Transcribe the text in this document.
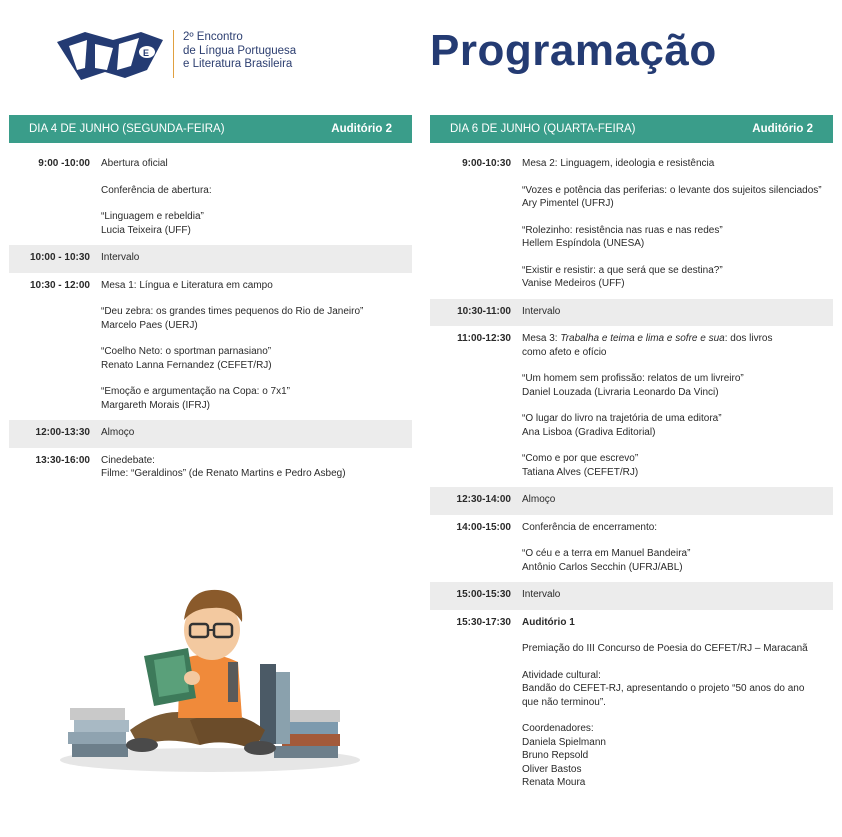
E
2º Encontro
de Língua Portuguesa
e Literatura Brasileira	Programação
DIA 4 DE JUNHO (SEGUNDA-FEIRA)	Auditório 2
9:00 -10:00	Abertura oficial

Conferência de abertura:

“Linguagem e rebeldia”
Lucia Teixeira (UFF)

10:00 - 10:30	Intervalo

10:30 - 12:00	Mesa 1: Língua e Literatura em campo

“Deu zebra: os grandes times pequenos do Rio de Janeiro”
Marcelo Paes (UERJ)

“Coelho Neto: o sportman parnasiano”
Renato Lanna Fernandez (CEFET/RJ)

“Emoção e argumentação na Copa: o 7x1”
Margareth Morais (IFRJ)

12:00-13:30	Almoço

13:30-16:00	Cinedebate:
Filme: “Geraldinos” (de Renato Martins e Pedro Asbeg)

DIA 6 DE JUNHO (QUARTA-FEIRA)	Auditório 2
9:00-10:30	Mesa 2: Linguagem, ideologia e resistência

“Vozes e potência das periferias: o levante dos sujeitos silenciados”
Ary Pimentel (UFRJ)

“Rolezinho: resistência nas ruas e nas redes”
Hellem Espíndola (UNESA)

“Existir e resistir: a que será que se destina?”
Vanise Medeiros (UFF)

10:30-11:00	Intervalo

11:00-12:30	Mesa 3: Trabalha e teima e lima e sofre e sua: dos livros
como afeto e ofício

“Um homem sem profissão: relatos de um livreiro”
Daniel Louzada (Livraria Leonardo Da Vinci)

“O lugar do livro na trajetória de uma editora”
Ana Lisboa (Gradiva Editorial)

“Como e por que escrevo”
Tatiana Alves (CEFET/RJ)

12:30-14:00	Almoço

14:00-15:00	Conferência de encerramento:

“O céu e a terra em Manuel Bandeira”
Antônio Carlos Secchin (UFRJ/ABL)

15:00-15:30	Intervalo

15:30-17:30	Auditório 1

Premiação do III Concurso de Poesia do CEFET/RJ – Maracanã

Atividade cultural:
Bandão do CEFET-RJ, apresentando o projeto “50 anos do ano
que não terminou”.

Coordenadores:
Daniela Spielmann
Bruno Repsold
Oliver Bastos
Renata Moura
